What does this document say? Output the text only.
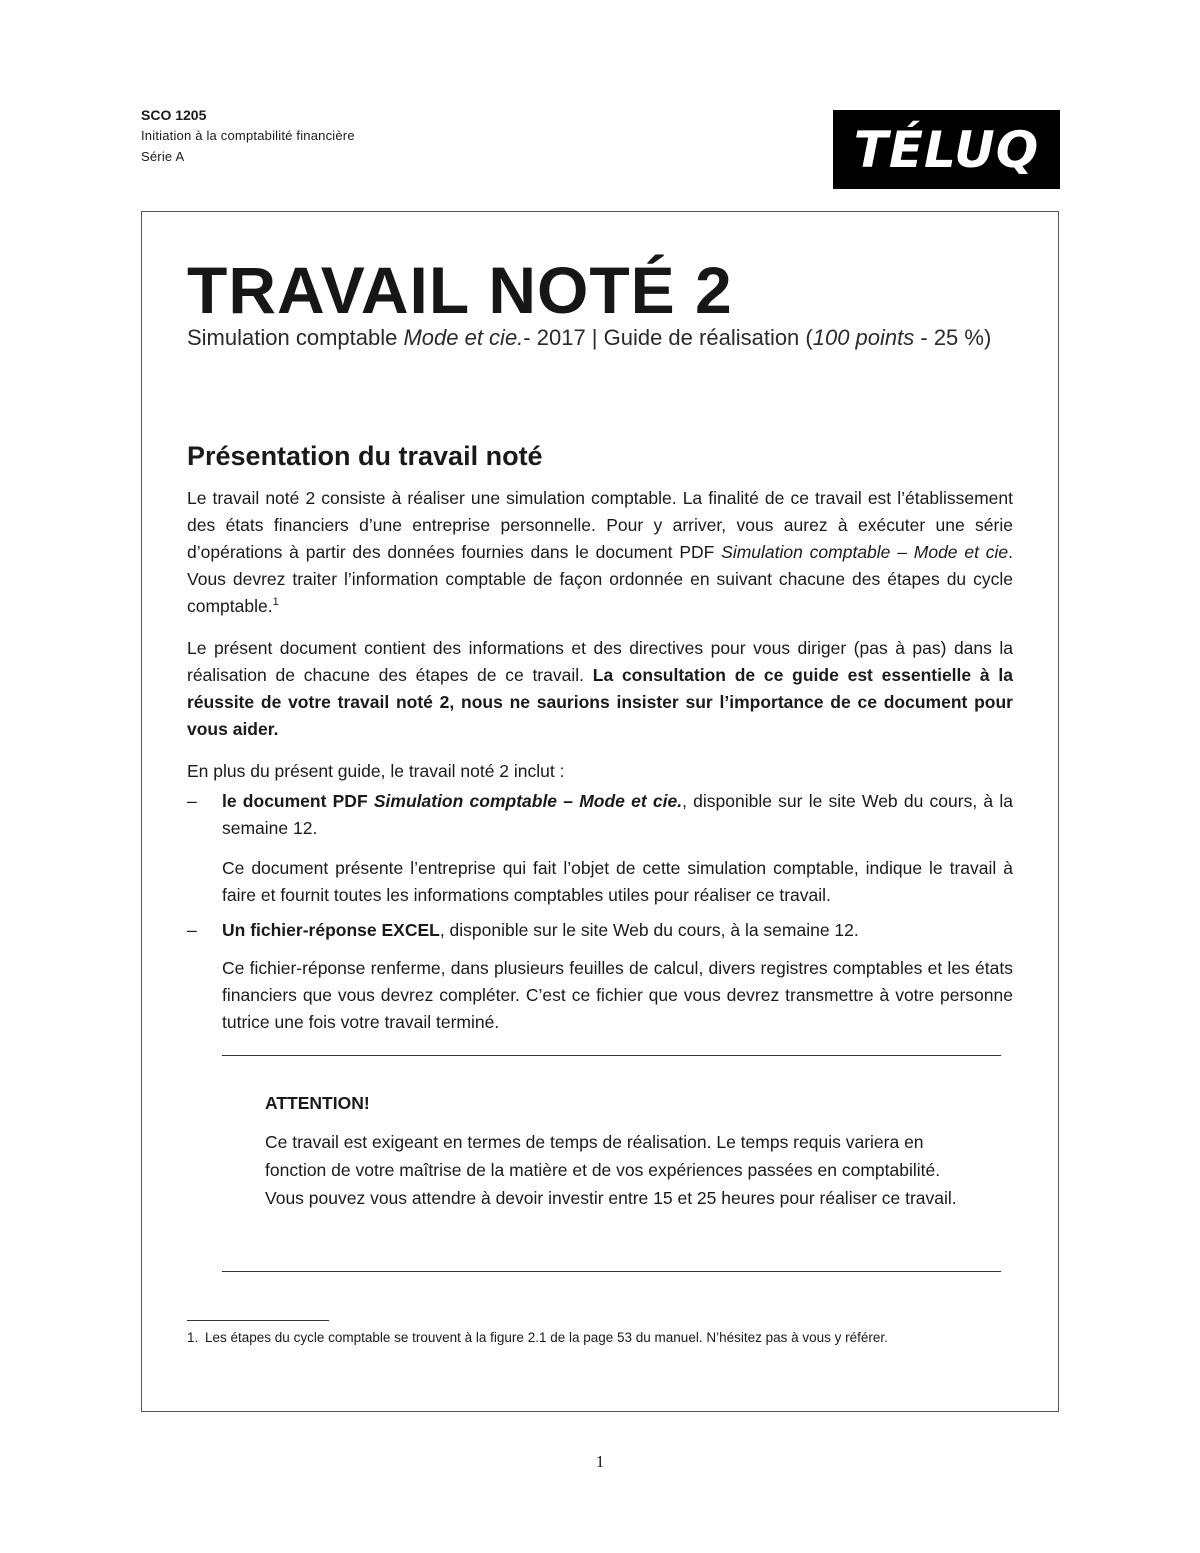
SCO 1205
Initiation à la comptabilité financière
Série A	TÉLUQ
TRAVAIL NOTÉ 2
Simulation comptable Mode et cie.- 2017 | Guide de réalisation (100 points - 25 %)
Présentation du travail noté

Le travail noté 2 consiste à réaliser une simulation comptable. La finalité de ce travail est l’établissement des états financiers d’une entreprise personnelle. Pour y arriver, vous aurez à exécuter une série d’opérations à partir des données fournies dans le document PDF Simulation comptable – Mode et cie. Vous devrez traiter l’information comptable de façon ordonnée en suivant chacune des étapes du cycle comptable.$^1$

Le présent document contient des informations et des directives pour vous diriger (pas à pas) dans la réalisation de chacune des étapes de ce travail. La consultation de ce guide est essentielle à la réussite de votre travail noté 2, nous ne saurions insister sur l’importance de ce document pour vous aider.

En plus du présent guide, le travail noté 2 inclut :

– le document PDF Simulation comptable – Mode et cie., disponible sur le site Web du cours, à la semaine 12.
Ce document présente l’entreprise qui fait l’objet de cette simulation comptable, indique le travail à faire et fournit toutes les informations comptables utiles pour réaliser ce travail.
– Un fichier-réponse EXCEL, disponible sur le site Web du cours, à la semaine 12.
Ce fichier-réponse renferme, dans plusieurs feuilles de calcul, divers registres comptables et les états financiers que vous devrez compléter. C’est ce fichier que vous devrez transmettre à votre personne tutrice une fois votre travail terminé.
ATTENTION!

Ce travail est exigeant en termes de temps de réalisation. Le temps requis variera en fonction de votre maîtrise de la matière et de vos expériences passées en comptabilité. Vous pouvez vous attendre à devoir investir entre 15 et 25 heures pour réaliser ce travail.

1. Les étapes du cycle comptable se trouvent à la figure 2.1 de la page 53 du manuel. N’hésitez pas à vous y référer.
1
